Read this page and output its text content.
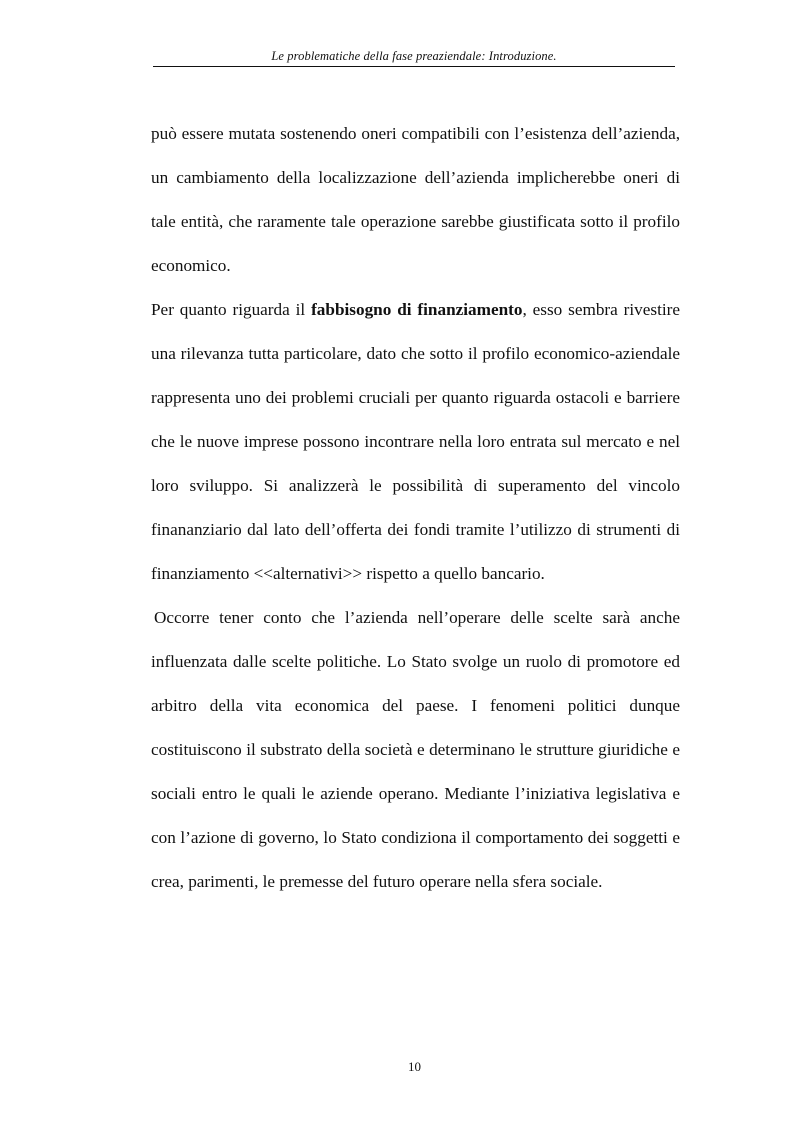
Le problematiche della fase preaziendale: Introduzione.

può essere mutata sostenendo oneri compatibili con l’esistenza dell’azienda, un cambiamento della localizzazione dell’azienda implicherebbe oneri di tale entità, che raramente tale operazione sarebbe giustificata sotto il profilo economico.

Per quanto riguarda il fabbisogno di finanziamento, esso sembra rivestire una rilevanza tutta particolare, dato che sotto il profilo economico-aziendale rappresenta uno dei problemi cruciali per quanto riguarda ostacoli e barriere che le nuove imprese possono incontrare nella loro entrata sul mercato e nel loro sviluppo. Si analizzerà le possibilità di superamento del vincolo finananziario dal lato dell’offerta dei fondi tramite l’utilizzo di strumenti di finanziamento <<alternativi>> rispetto a quello bancario.

Occorre tener conto che l’azienda nell’operare delle scelte sarà anche influenzata dalle scelte politiche. Lo Stato svolge un ruolo di promotore ed arbitro della vita economica del paese. I fenomeni politici dunque costituiscono il substrato della società e determinano le strutture giuridiche e sociali entro le quali le aziende operano. Mediante l’iniziativa legislativa e con l’azione di governo, lo Stato condiziona il comportamento dei soggetti e crea, parimenti, le premesse del futuro operare nella sfera sociale.

10
